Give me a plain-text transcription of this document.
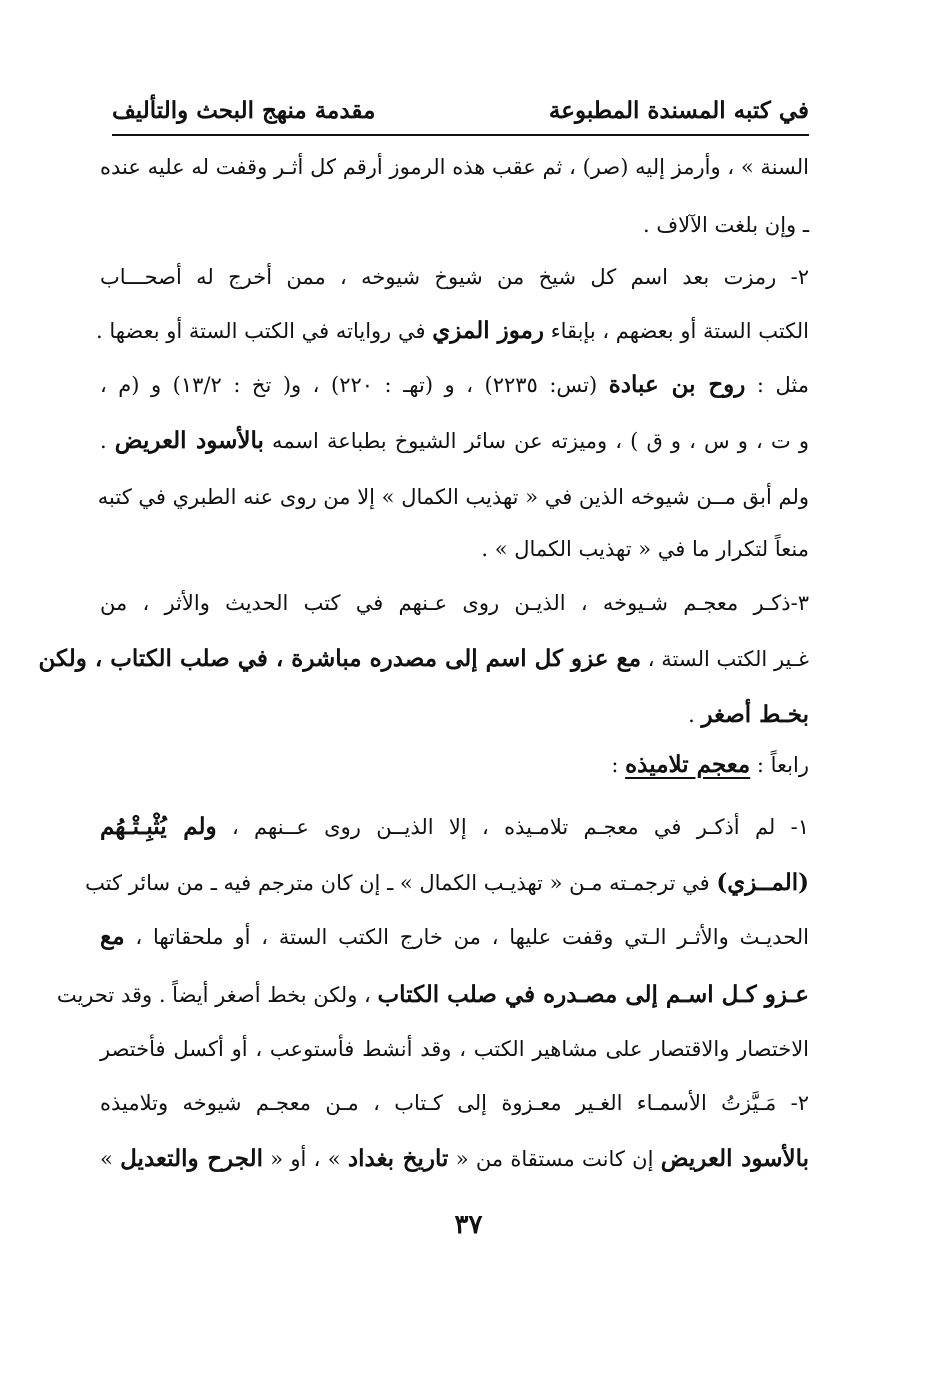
في كتبه المسندة المطبوعة
مقدمة منهج البحث والتأليف
السنة » ، وأرمز إليه (صر) ، ثم عقب هذه الرموز أرقم كل أثـر وقفت له عليه عنده
ـ وإن بلغت الآلاف .
٢- رمزت بعد اسم كل شيخ من شيوخ شيوخه ، ممن أخرج له أصحـــاب
الكتب الستة أو بعضهم ، بإبقاء رموز المزي في رواياته في الكتب الستة أو بعضها .
مثل : روح بن عبادة (تس: ٢٢٣٥) ، و (تهـ : ٢٢٠) ، و( تخ : ١٣/٢) و (م ،
و ت ، و س ، و ق ) ، ومیزته عن سائر الشيوخ بطباعة اسمه بالأسود العريض .
ولم أبق مــن شيوخه الذين في « تهذيب الكمال » إلا من روى عنه الطبري في كتبه
منعاً لتكرار ما في « تهذيب الكمال » .
٣-ذكـر معجـم شـيوخه ، الذيـن روى عـنهم في كتب الحديث والأثر ، من
غـير الكتب الستة ، مع عزو كل اسم إلى مصدره مباشرة ، في صلب الكتاب ، ولكن
بخـط أصغر .
رابعاً : معجم تلاميذه :
١- لم أذكـر في معجـم تلامـيذه ، إلا الذيــن روى عــنهم ، ولم يُثْبِـتْـهُم
(المــزي) في ترجمـته مـن « تهذيـب الكمال » ـ إن كان مترجم فيه ـ من سائر كتب
الحديـث والأثـر الـتي وقفت عليها ، من خارج الكتب الستة ، أو ملحقاتها ، مع
عـزو كـل اسـم إلى مصـدره في صلب الكتاب ، ولكن بخط أصغر أيضاً . وقد تحريت
الاختصار والاقتصار على مشاهير الكتب ، وقد أنشط فأستوعب ، أو أكسل فأختصر
٢- مَـيَّزتُ الأسمـاء الغـير معـزوة إلى كـتاب ، مـن معجـم شيوخه وتلاميذه
بالأسود العريض إن كانت مستقاة من « تاريخ بغداد » ، أو « الجرح والتعديل »
٣٧
